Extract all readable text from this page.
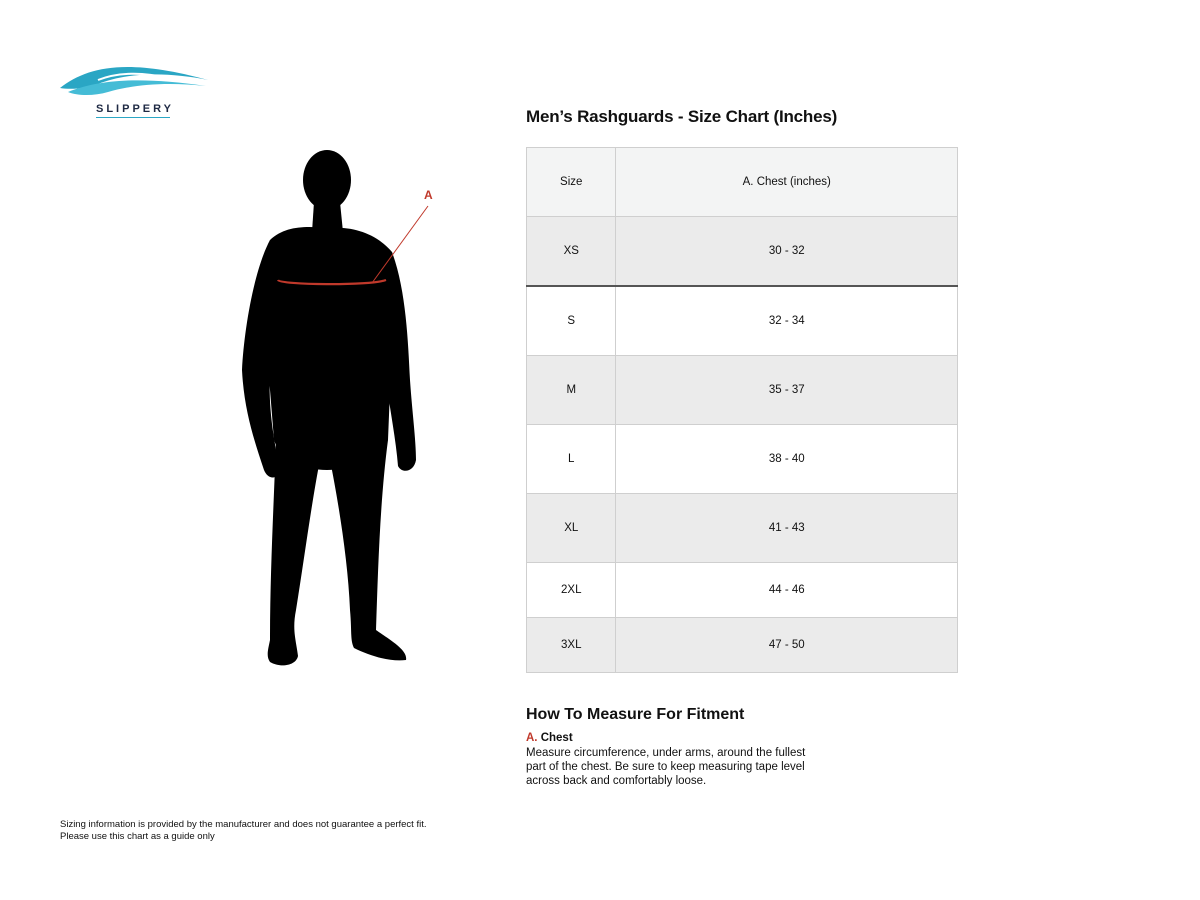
SLIPPERY
A
Men’s Rashguards - Size Chart (Inches)
Size	A. Chest (inches)
XS	30 - 32
S	32 - 34
M	35 - 37
L	38 - 40
XL	41 - 43
2XL	44 - 46
3XL	47 - 50
How To Measure For Fitment
A. Chest
Measure circumference, under arms, around the fullest part of the chest. Be sure to keep measuring tape level across back and comfortably loose.
Sizing information is provided by the manufacturer and does not guarantee a perfect fit.
Please use this chart as a guide only
